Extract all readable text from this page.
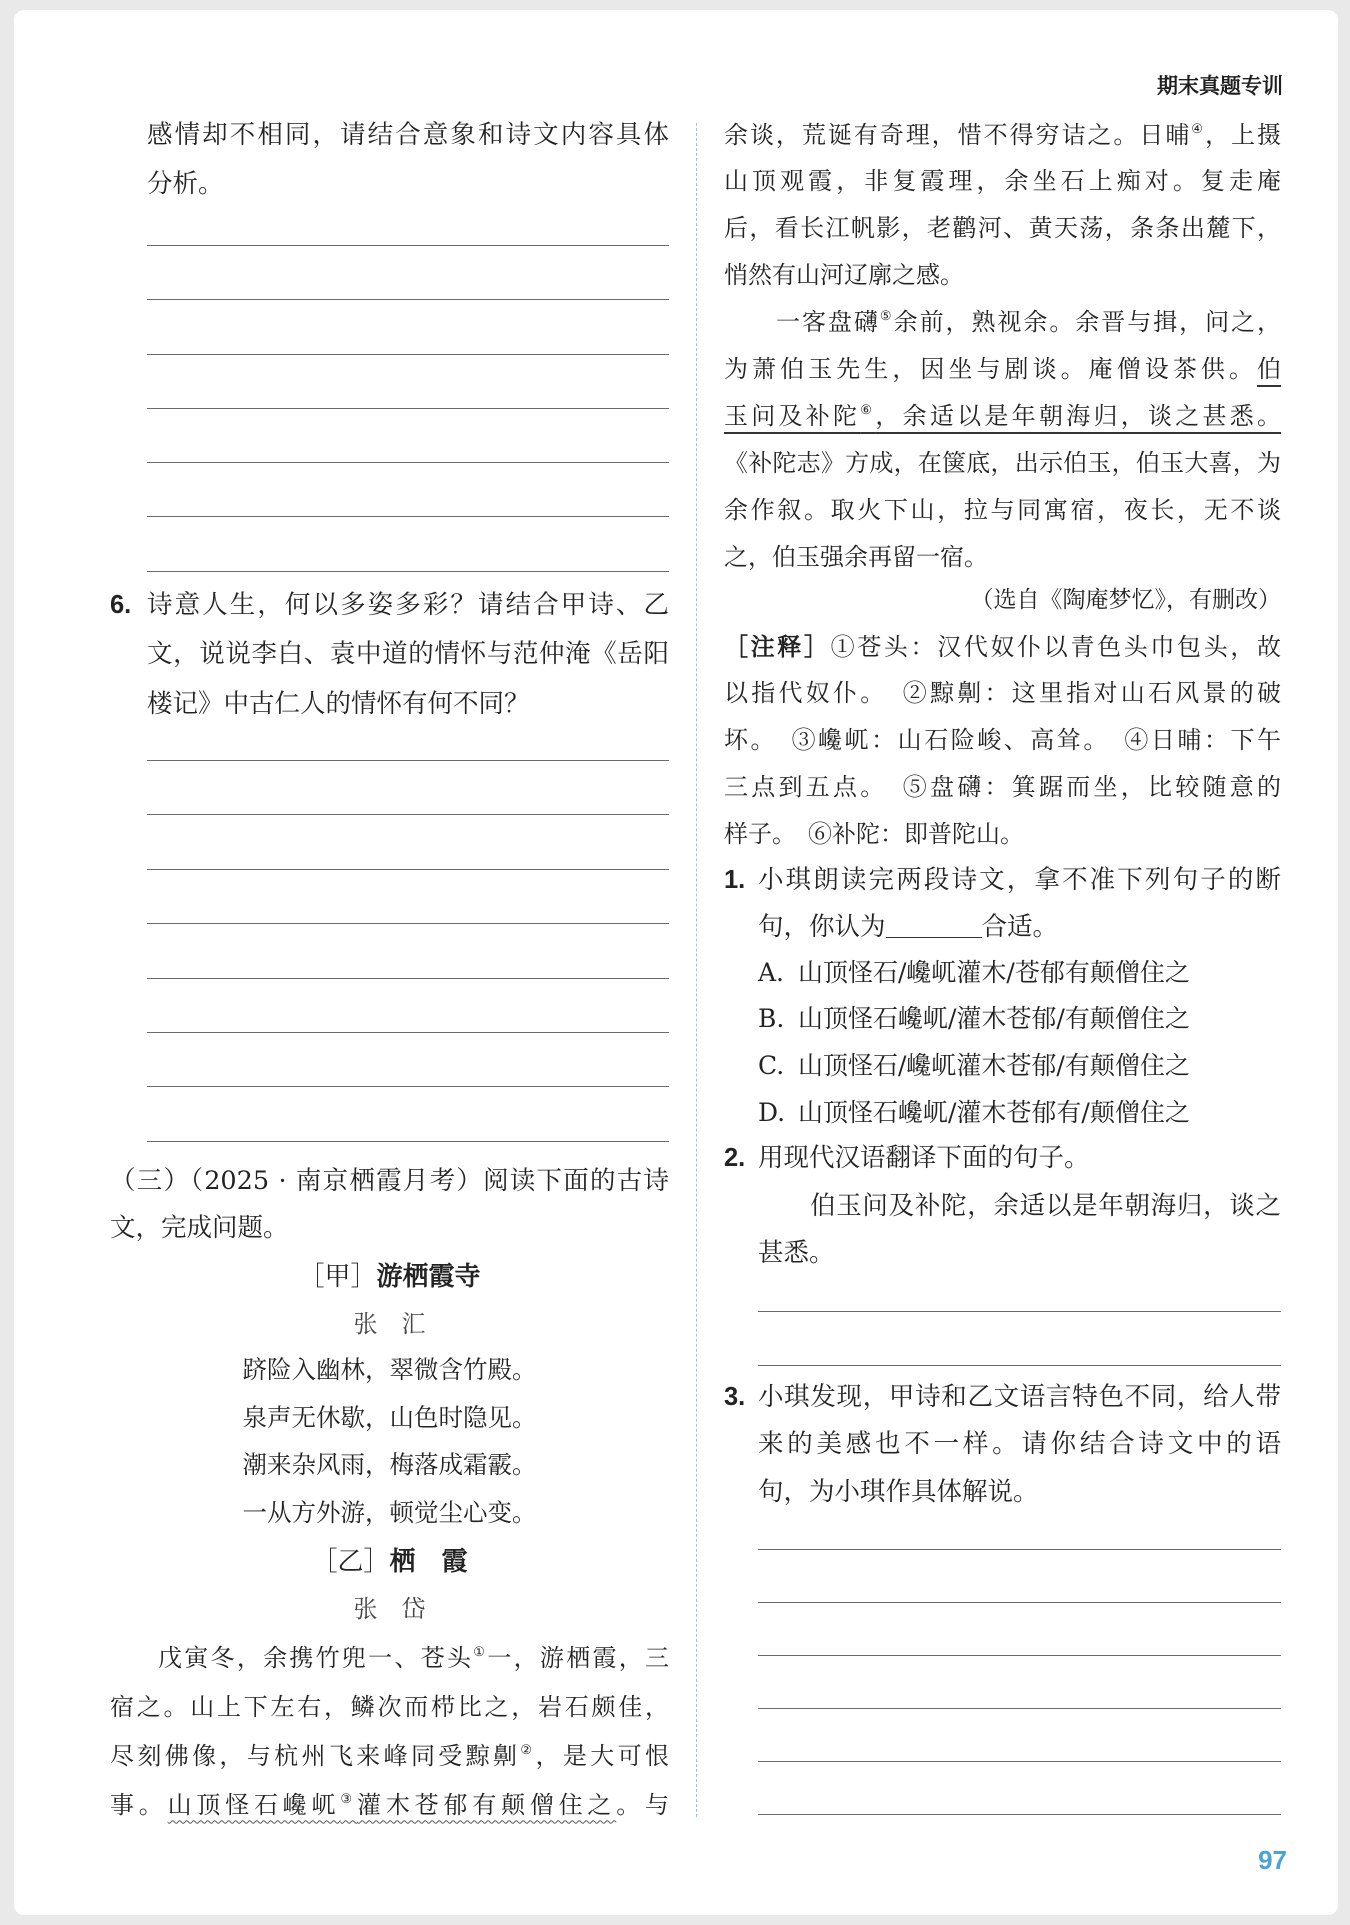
期末真题专训
感情却不相同，请结合意象和诗文内容具体
分析。
6. 诗意人生，何以多姿多彩？请结合甲诗、乙
文，说说李白、袁中道的情怀与范仲淹《岳阳
楼记》中古仁人的情怀有何不同？
（三）（2025 · 南京栖霞月考）阅读下面的古诗
文，完成问题。
［甲］游栖霞寺
张　汇
跻险入幽林，翠微含竹殿。
泉声无休歇，山色时隐见。
潮来杂风雨，梅落成霜霰。
一从方外游，顿觉尘心变。
［乙］栖　霞
张　岱
戊寅冬，余携竹兜一、苍头①一，游栖霞，三
宿之。山上下左右，鳞次而栉比之，岩石颇佳，
尽刻佛像，与杭州飞来峰同受黥劓②，是大可恨
事。山顶怪石巉屼③灌木苍郁有颠僧住之。与
余谈，荒诞有奇理，惜不得穷诘之。日晡④，上摄
山顶观霞，非复霞理，余坐石上痴对。复走庵
后，看长江帆影，老鹳河、黄天荡，条条出麓下，
悄然有山河辽廓之感。
一客盘礴⑤余前，熟视余。余晋与揖，问之，
为萧伯玉先生，因坐与剧谈。庵僧设茶供。伯
玉问及补陀⑥，余适以是年朝海归，谈之甚悉。
《补陀志》方成，在箧底，出示伯玉，伯玉大喜，为
余作叙。取火下山，拉与同寓宿，夜长，无不谈
之，伯玉强余再留一宿。
（选自《陶庵梦忆》，有删改）
［注释］①苍头：汉代奴仆以青色头巾包头，故
以指代奴仆。　②黥劓：这里指对山石风景的破
坏。　③巉屼：山石险峻、高耸。　④日晡：下午
三点到五点。　⑤盘礴：箕踞而坐，比较随意的
样子。　⑥补陀：即普陀山。
1. 小琪朗读完两段诗文，拿不准下列句子的断
句，你认为	合适。
A. 山顶怪石/巉屼灌木/苍郁有颠僧住之
B. 山顶怪石巉屼/灌木苍郁/有颠僧住之
C. 山顶怪石/巉屼灌木苍郁/有颠僧住之
D. 山顶怪石巉屼/灌木苍郁有/颠僧住之
2. 用现代汉语翻译下面的句子。
伯玉问及补陀，余适以是年朝海归，谈之
甚悉。
3. 小琪发现，甲诗和乙文语言特色不同，给人带
来的美感也不一样。请你结合诗文中的语
句，为小琪作具体解说。
97
